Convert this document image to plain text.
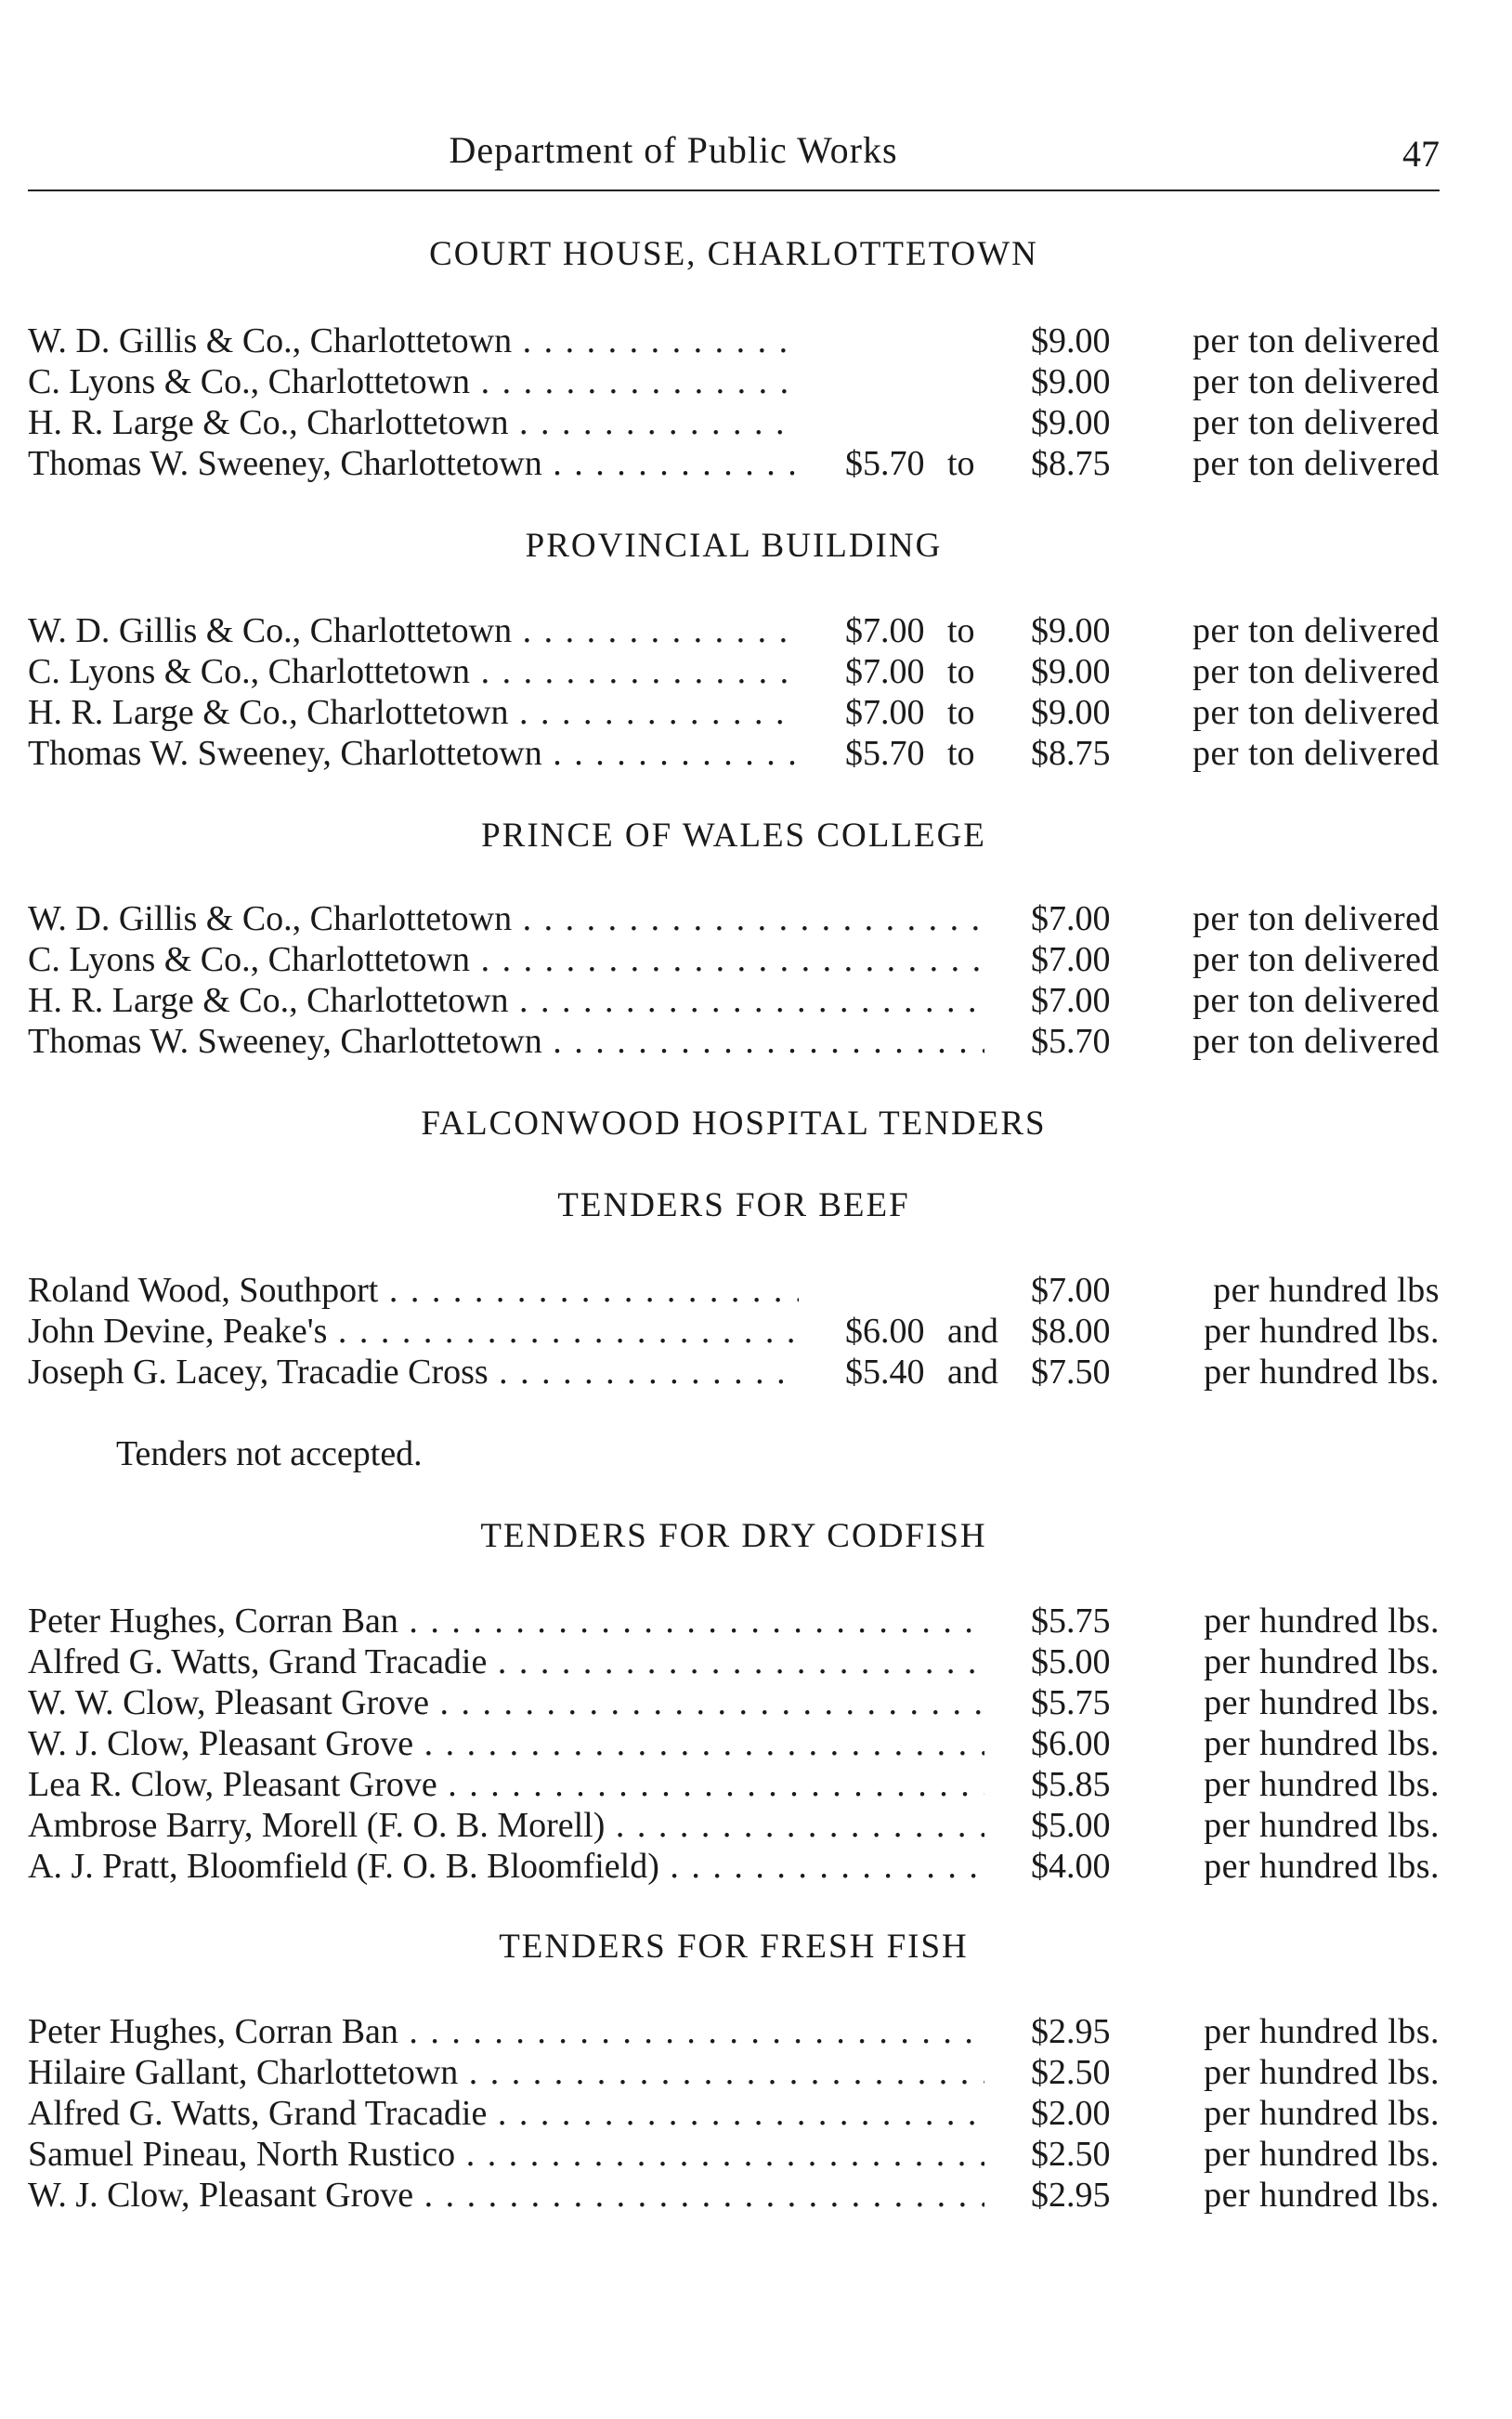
Department of Public Works	47
COURT HOUSE, CHARLOTTETOWN
W. D. Gillis & Co., Charlottetown . . .	$9.00	per ton delivered
C. Lyons & Co., Charlottetown . . .	$9.00	per ton delivered
H. R. Large & Co., Charlottetown . . .	$9.00	per ton delivered
Thomas W. Sweeney, Charlottetown . . .	$5.70 to	$8.75	per ton delivered
PROVINCIAL BUILDING
W. D. Gillis & Co., Charlottetown . . .	$7.00 to	$9.00	per ton delivered
C. Lyons & Co., Charlottetown . . .	$7.00 to	$9.00	per ton delivered
H. R. Large & Co., Charlottetown . . .	$7.00 to	$9.00	per ton delivered
Thomas W. Sweeney, Charlottetown . . .	$5.70 to	$8.75	per ton delivered
PRINCE OF WALES COLLEGE
W. D. Gillis & Co., Charlottetown . . .	$7.00	per ton delivered
C. Lyons & Co., Charlottetown . . .	$7.00	per ton delivered
H. R. Large & Co., Charlottetown . . .	$7.00	per ton delivered
Thomas W. Sweeney, Charlottetown . . .	$5.70	per ton delivered
FALCONWOOD HOSPITAL TENDERS
TENDERS FOR BEEF
Roland Wood, Southport . . .	$7.00	per hundred lbs
John Devine, Peake's . . .	$6.00 and $8.00	per hundred lbs.
Joseph G. Lacey, Tracadie Cross . . .	$5.40 and $7.50	per hundred lbs.
Tenders not accepted.
TENDERS FOR DRY CODFISH
Peter Hughes, Corran Ban . . .	$5.75	per hundred lbs.
Alfred G. Watts, Grand Tracadie . . .	$5.00	per hundred lbs.
W. W. Clow, Pleasant Grove . . .	$5.75	per hundred lbs.
W. J. Clow, Pleasant Grove . . .	$6.00	per hundred lbs.
Lea R. Clow, Pleasant Grove . . .	$5.85	per hundred lbs.
Ambrose Barry, Morell (F. O. B. Morell) . . .	$5.00	per hundred lbs.
A. J. Pratt, Bloomfield (F. O. B. Bloomfield) . . .	$4.00	per hundred lbs.
TENDERS FOR FRESH FISH
Peter Hughes, Corran Ban . . .	$2.95	per hundred lbs.
Hilaire Gallant, Charlottetown . . .	$2.50	per hundred lbs.
Alfred G. Watts, Grand Tracadie . . .	$2.00	per hundred lbs.
Samuel Pineau, North Rustico . . .	$2.50	per hundred lbs.
W. J. Clow, Pleasant Grove . . .	$2.95	per hundred lbs.
